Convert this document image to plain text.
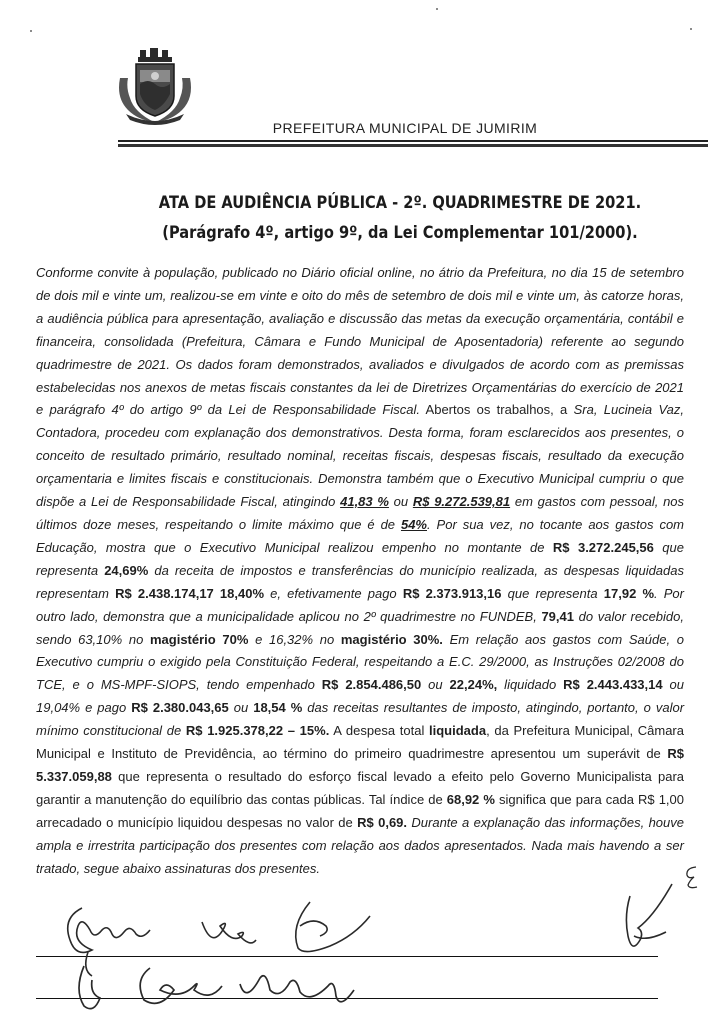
PREFEITURA MUNICIPAL DE JUMIRIM
ATA DE AUDIÊNCIA PÚBLICA - 2º. QUADRIMESTRE DE 2021.
(Parágrafo 4º, artigo 9º, da Lei Complementar 101/2000).
Conforme convite à população, publicado no Diário oficial online, no átrio da Prefeitura, no dia 15 de setembro de dois mil e vinte um, realizou-se em vinte e oito do mês de setembro de dois mil e vinte um, às catorze horas, a audiência pública para apresentação, avaliação e discussão das metas da execução orçamentária, contábil e financeira, consolidada (Prefeitura, Câmara e Fundo Municipal de Aposentadoria) referente ao segundo quadrimestre de 2021. Os dados foram demonstrados, avaliados e divulgados de acordo com as premissas estabelecidas nos anexos de metas fiscais constantes da lei de Diretrizes Orçamentárias do exercício de 2021 e parágrafo 4º do artigo 9º da Lei de Responsabilidade Fiscal. Abertos os trabalhos, a Sra, Lucineia Vaz, Contadora, procedeu com explanação dos demonstrativos. Desta forma, foram esclarecidos aos presentes, o conceito de resultado primário, resultado nominal, receitas fiscais, despesas fiscais, resultado da execução orçamentaria e limites fiscais e constitucionais. Demonstra também que o Executivo Municipal cumpriu o que dispõe a Lei de Responsabilidade Fiscal, atingindo 41,83 % ou R$ 9.272.539,81 em gastos com pessoal, nos últimos doze meses, respeitando o limite máximo que é de 54%. Por sua vez, no tocante aos gastos com Educação, mostra que o Executivo Municipal realizou empenho no montante de R$ 3.272.245,56 que representa 24,69% da receita de impostos e transferências do município realizada, as despesas liquidadas representam R$ 2.438.174,17 18,40% e, efetivamente pago R$ 2.373.913,16 que representa 17,92 %. Por outro lado, demonstra que a municipalidade aplicou no 2º quadrimestre no FUNDEB, 79,41 do valor recebido, sendo 63,10% no magistério 70% e 16,32% no magistério 30%. Em relação aos gastos com Saúde, o Executivo cumpriu o exigido pela Constituição Federal, respeitando a E.C. 29/2000, as Instruções 02/2008 do TCE, e o MS-MPF-SIOPS, tendo empenhado R$ 2.854.486,50 ou 22,24%, liquidado R$ 2.443.433,14 ou 19,04% e pago R$ 2.380.043,65 ou 18,54 % das receitas resultantes de imposto, atingindo, portanto, o valor mínimo constitucional de R$ 1.925.378,22 – 15%. A despesa total liquidada, da Prefeitura Municipal, Câmara Municipal e Instituto de Previdência, ao término do primeiro quadrimestre apresentou um superávit de R$ 5.337.059,88 que representa o resultado do esforço fiscal levado a efeito pelo Governo Municipalista para garantir a manutenção do equilíbrio das contas públicas. Tal índice de 68,92 % significa que para cada R$ 1,00 arrecadado o município liquidou despesas no valor de R$ 0,69. Durante a explanação das informações, houve ampla e irrestrita participação dos presentes com relação aos dados apresentados. Nada mais havendo a ser tratado, segue abaixo assinaturas dos presentes.
